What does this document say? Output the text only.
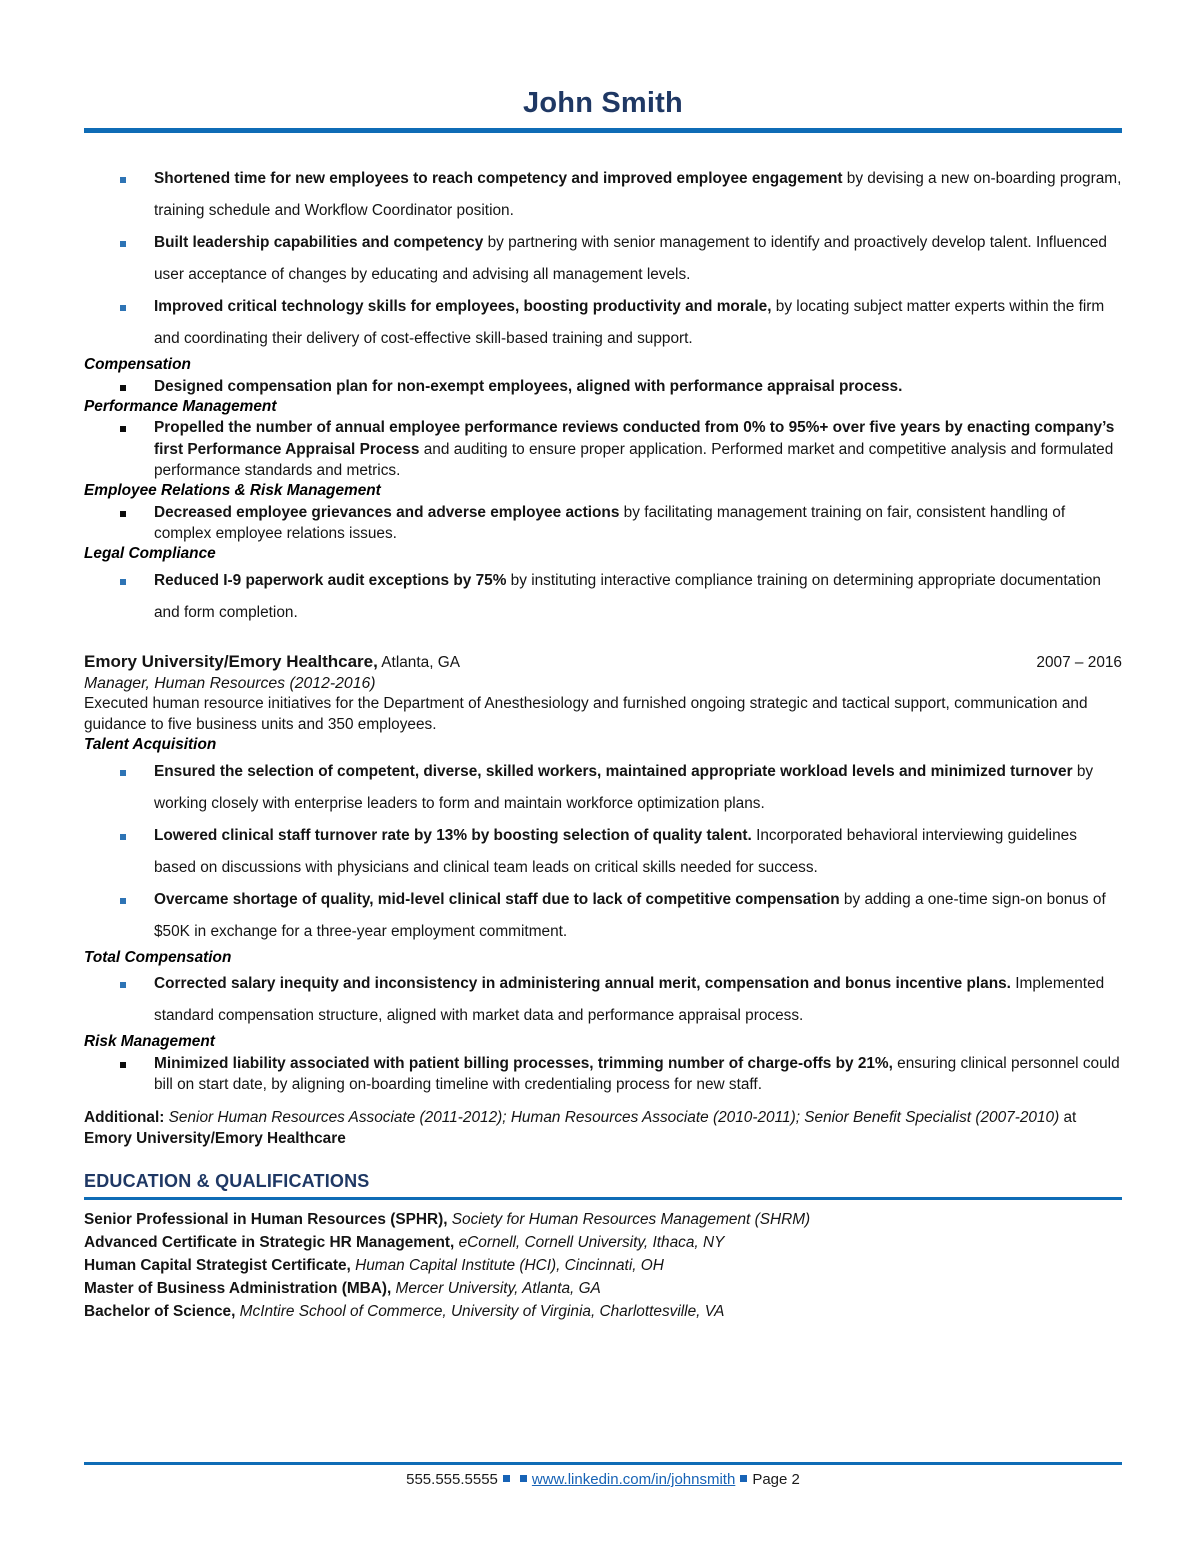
John Smith
Shortened time for new employees to reach competency and improved employee engagement by devising a new on-boarding program, training schedule and Workflow Coordinator position.
Built leadership capabilities and competency by partnering with senior management to identify and proactively develop talent. Influenced user acceptance of changes by educating and advising all management levels.
Improved critical technology skills for employees, boosting productivity and morale, by locating subject matter experts within the firm and coordinating their delivery of cost-effective skill-based training and support.
Compensation
Designed compensation plan for non-exempt employees, aligned with performance appraisal process.
Performance Management
Propelled the number of annual employee performance reviews conducted from 0% to 95%+ over five years by enacting company’s first Performance Appraisal Process and auditing to ensure proper application. Performed market and competitive analysis and formulated performance standards and metrics.
Employee Relations & Risk Management
Decreased employee grievances and adverse employee actions by facilitating management training on fair, consistent handling of complex employee relations issues.
Legal Compliance
Reduced I-9 paperwork audit exceptions by 75% by instituting interactive compliance training on determining appropriate documentation and form completion.
Emory University/Emory Healthcare, Atlanta, GA	2007 – 2016
Manager, Human Resources (2012-2016)
Executed human resource initiatives for the Department of Anesthesiology and furnished ongoing strategic and tactical support, communication and guidance to five business units and 350 employees.
Talent Acquisition
Ensured the selection of competent, diverse, skilled workers, maintained appropriate workload levels and minimized turnover by working closely with enterprise leaders to form and maintain workforce optimization plans.
Lowered clinical staff turnover rate by 13% by boosting selection of quality talent. Incorporated behavioral interviewing guidelines based on discussions with physicians and clinical team leads on critical skills needed for success.
Overcame shortage of quality, mid-level clinical staff due to lack of competitive compensation by adding a one-time sign-on bonus of $50K in exchange for a three-year employment commitment.
Total Compensation
Corrected salary inequity and inconsistency in administering annual merit, compensation and bonus incentive plans. Implemented standard compensation structure, aligned with market data and performance appraisal process.
Risk Management
Minimized liability associated with patient billing processes, trimming number of charge-offs by 21%, ensuring clinical personnel could bill on start date, by aligning on-boarding timeline with credentialing process for new staff.
Additional: Senior Human Resources Associate (2011-2012); Human Resources Associate (2010-2011); Senior Benefit Specialist (2007-2010) at Emory University/Emory Healthcare
EDUCATION & QUALIFICATIONS
Senior Professional in Human Resources (SPHR), Society for Human Resources Management (SHRM)
Advanced Certificate in Strategic HR Management, eCornell, Cornell University, Ithaca, NY
Human Capital Strategist Certificate, Human Capital Institute (HCI), Cincinnati, OH
Master of Business Administration (MBA), Mercer University, Atlanta, GA
Bachelor of Science, McIntire School of Commerce, University of Virginia, Charlottesville, VA
555.555.5555 www.linkedin.com/in/johnsmith Page 2
